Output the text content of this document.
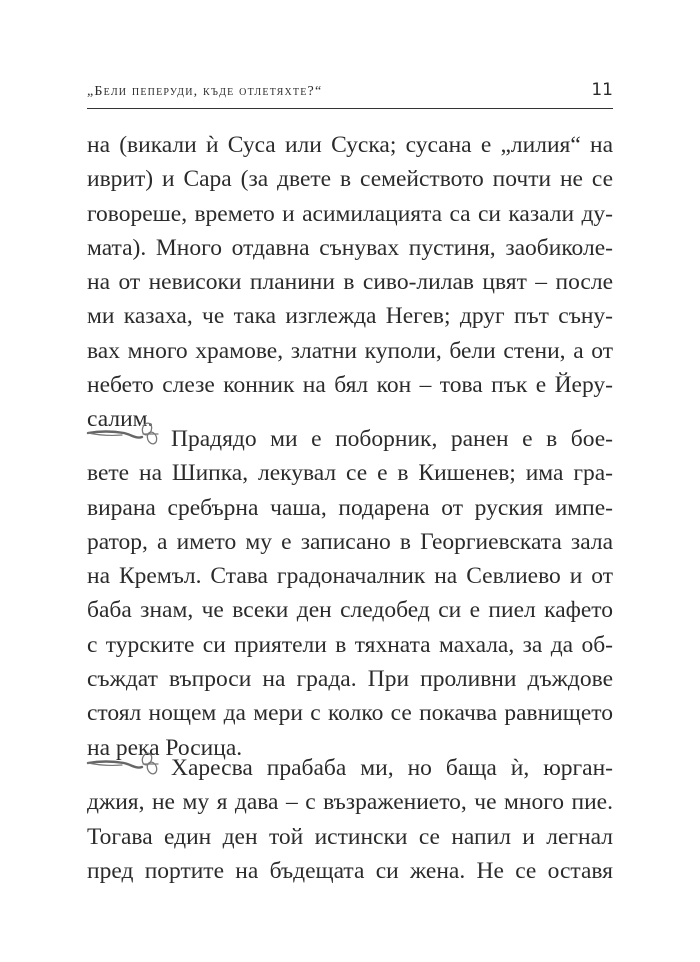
„Бели пеперуди, къде отлетяхте?“	11
на (викали ѝ Суса или Суска; сусана е „лилия“ на
иврит) и Сара (за двете в семейството почти не се
говореше, времето и асимилацията са си казали ду-
мата). Много отдавна сънувах пустиня, заобиколе-
на от невисоки планини в сиво-лилав цвят – после
ми казаха, че така изглежда Негев; друг път съну-
вах много храмове, златни куполи, бели стени, а от
небето слезе конник на бял кон – това пък е Йеру-
салим.
Прадядо ми е поборник, ранен е в бое-
вете на Шипка, лекувал се е в Кишенев; има гра-
вирана сребърна чаша, подарена от руския импе-
ратор, а името му е записано в Георгиевската зала
на Кремъл. Става градоначалник на Севлиево и от
баба знам, че всеки ден следобед си е пиел кафето
с турските си приятели в тяхната махала, за да об-
съждат въпроси на града. При проливни дъждове
стоял нощем да мери с колко се покачва равнището
на река Росица.
Харесва прабаба ми, но баща ѝ, юрган-
джия, не му я дава – с възражението, че много пие.
Тогава един ден той истински се напил и легнал
пред портите на бъдещата си жена. Не се оставя
